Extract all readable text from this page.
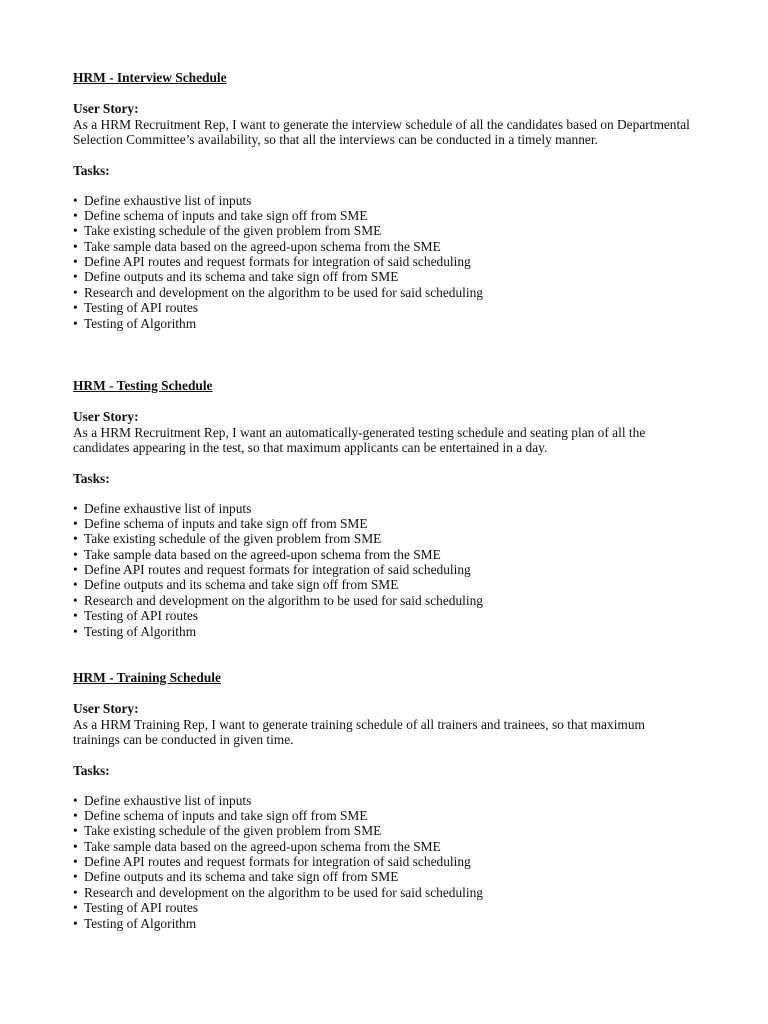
HRM - Interview Schedule

User Story:

As a HRM Recruitment Rep, I want to generate the interview schedule of all the candidates based on Departmental Selection Committee’s availability, so that all the interviews can be conducted in a timely manner.

Tasks:

• Define exhaustive list of inputs
• Define schema of inputs and take sign off from SME
• Take existing schedule of the given problem from SME
• Take sample data based on the agreed-upon schema from the SME
• Define API routes and request formats for integration of said scheduling
• Define outputs and its schema and take sign off from SME
• Research and development on the algorithm to be used for said scheduling
• Testing of API routes
• Testing of Algorithm

HRM - Testing Schedule

User Story:

As a HRM Recruitment Rep, I want an automatically-generated testing schedule and seating plan of all the candidates appearing in the test, so that maximum applicants can be entertained in a day.

Tasks:

• Define exhaustive list of inputs
• Define schema of inputs and take sign off from SME
• Take existing schedule of the given problem from SME
• Take sample data based on the agreed-upon schema from the SME
• Define API routes and request formats for integration of said scheduling
• Define outputs and its schema and take sign off from SME
• Research and development on the algorithm to be used for said scheduling
• Testing of API routes
• Testing of Algorithm

HRM - Training Schedule

User Story:

As a HRM Training Rep, I want to generate training schedule of all trainers and trainees, so that maximum trainings can be conducted in given time.

Tasks:

• Define exhaustive list of inputs
• Define schema of inputs and take sign off from SME
• Take existing schedule of the given problem from SME
• Take sample data based on the agreed-upon schema from the SME
• Define API routes and request formats for integration of said scheduling
• Define outputs and its schema and take sign off from SME
• Research and development on the algorithm to be used for said scheduling
• Testing of API routes
• Testing of Algorithm
